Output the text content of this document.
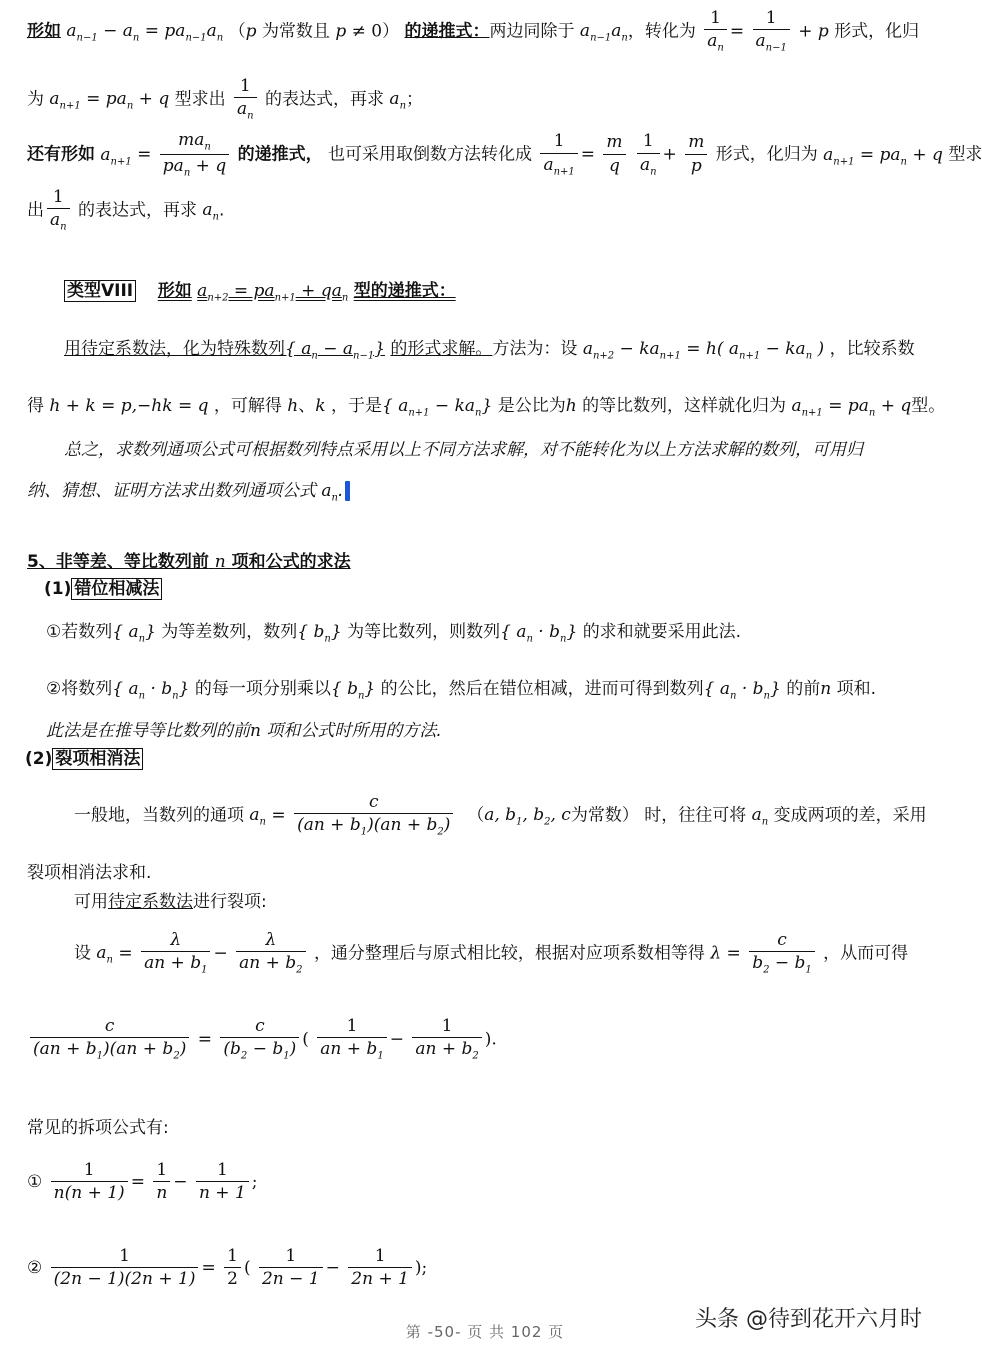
形如 $a_{n-1} - a_n = pa_{n-1}a_n$ （p 为常数且 p ≠ 0） 的递推式：两边同除于 $a_{n-1}a_n$，转化为 $\frac{1}{a_n} = \frac{1}{a_{n-1}} + p$ 形式，化归
为 $a_{n+1} = pa_n + q$ 型求出 $\frac{1}{a_n}$ 的表达式，再求 $a_n$；
还有形如 $a_{n+1} = \frac{ma_n}{pa_n + q}$ 的递推式， 也可采用取倒数方法转化成 $\frac{1}{a_{n+1}} = \frac{m}{q}$
$\frac{1}{a_n} + \frac{m}{p}$ 形式，化归为 $a_{n+1} = pa_n + q$ 型求
出 $\frac{1}{a_n}$ 的表达式，再求 $a_n$.
类型VIII 形如 $a_{n+2} = pa_{n+1} + qa_n$ 型的递推式：
用待定系数法，化为特殊数列{ $a_n - a_{n-1}$} 的形式求解。方法为：设 $a_{n+2} - ka_{n+1} = h$( $a_{n+1} - ka_n$ ) ，比较系数
得 h + k = p,−hk = q ，可解得 h、k ，于是{ $a_{n+1} - ka_n$} 是公比为h 的等比数列，这样就化归为 $a_{n+1} = pa_n + q$型。
总之，求数列通项公式可根据数列特点采用以上不同方法求解，对不能转化为以上方法求解的数列，可用归
纳、猜想、证明方法求出数列通项公式 $a_n$.
5、非等差、等比数列前 n 项和公式的求法
(1) 错位相减法
①若数列{ $a_n$} 为等差数列，数列{ $b_n$} 为等比数列，则数列{ $a_n \cdot b_n$} 的求和就要采用此法.
②将数列{ $a_n \cdot b_n$} 的每一项分别乘以{ $b_n$} 的公比，然后在错位相减，进而可得到数列{ $a_n \cdot b_n$} 的前n 项和.
此法是在推导等比数列的前n 项和公式时所用的方法.
(2) 裂项相消法
一般地，当数列的通项 $a_n = \frac{c}{(an + b_1)(an + b_2)} (a$, $b_1$, $b_2$, c为常数） 时，往往可将 $a_n$ 变成两项的差，采用
裂项相消法求和.
可用待定系数法进行裂项:
设 $a_n = \frac{\lambda}{an + b_1} - \frac{\lambda}{an + b_2}$ ，通分整理后与原式相比较，根据对应项系数相等得 $\lambda = \frac{c}{b_2 - b_1}$ ，从而可得
$\frac{c}{(an + b_1)(an + b_2)} = \frac{c}{(b_2 - b_1)}$ ( $\frac{1}{an + b_1} - \frac{1}{an + b_2}$ ).
常见的拆项公式有:
① $\frac{1}{n(n + 1)} = \frac{1}{n} - \frac{1}{n + 1}$ ;
② $\frac{1}{(2n - 1)(2n + 1)} = \frac{1}{2}$ ( $\frac{1}{2n - 1} - \frac{1}{2n + 1}$ );
头条 @待到花开六月时
第 -50- 页 共 102 页
